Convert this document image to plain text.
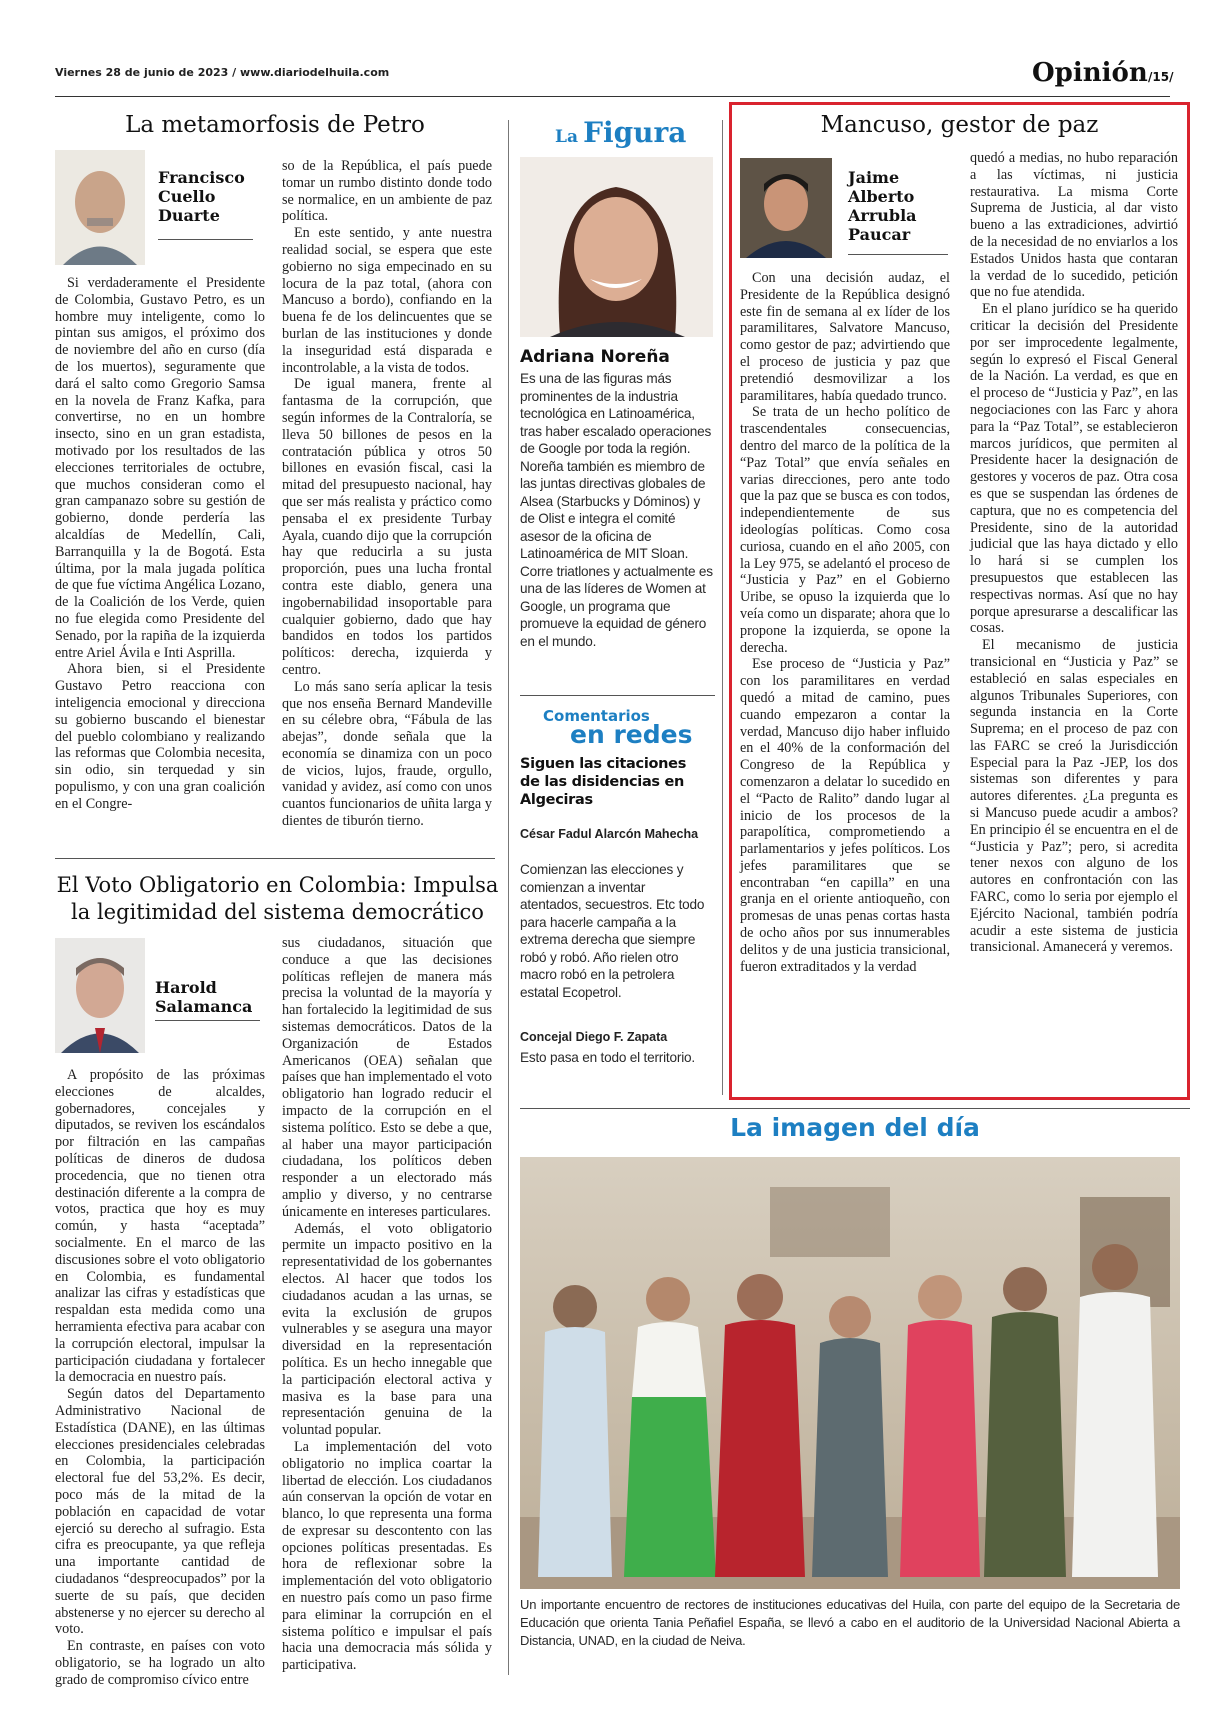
Viernes 28 de junio de 2023 / www.diariodelhuila.com	Opinión /15/
La metamorfosis de Petro
Francisco
Cuello
Duarte

Si verdaderamente el Presidente de Colombia, Gustavo Petro, es un hombre muy inteligente, como lo pintan sus amigos, el próximo dos de noviembre del año en curso (día de los muertos), seguramente que dará el salto como Gregorio Samsa en la novela de Franz Kafka, para convertirse, no en un hombre insecto, sino en un gran estadista, motivado por los resultados de las elecciones territoriales de octubre, que muchos consideran como el gran campanazo sobre su gestión de gobierno, donde perdería las alcaldías de Medellín, Cali, Barranquilla y la de Bogotá. Esta última, por la mala jugada política de que fue víctima Angélica Lozano, de la Coalición de los Verde, quien no fue elegida como Presidente del Senado, por la rapiña de la izquierda entre Ariel Ávila e Inti Asprilla.

Ahora bien, si el Presidente Gustavo Petro reacciona con inteligencia emocional y direcciona su gobierno buscando el bienestar del pueblo colombiano y realizando las reformas que Colombia necesita, sin odio, sin terquedad y sin populismo, y con una gran coalición en el Congre-

so de la República, el país puede tomar un rumbo distinto donde todo se normalice, en un ambiente de paz política.

En este sentido, y ante nuestra realidad social, se espera que este gobierno no siga empecinado en su locura de la paz total, (ahora con Mancuso a bordo), confiando en la buena fe de los delincuentes que se burlan de las instituciones y donde la inseguridad está disparada e incontrolable, a la vista de todos.

De igual manera, frente al fantasma de la corrupción, que según informes de la Contraloría, se lleva 50 billones de pesos en la contratación pública y otros 50 billones en evasión fiscal, casi la mitad del presupuesto nacional, hay que ser más realista y práctico como pensaba el ex presidente Turbay Ayala, cuando dijo que la corrupción hay que reducirla a su justa proporción, pues una lucha frontal contra este diablo, genera una ingobernabilidad insoportable para cualquier gobierno, dado que hay bandidos en todos los partidos políticos: derecha, izquierda y centro.

Lo más sano sería aplicar la tesis que nos enseña Bernard Mandeville en su célebre obra, “Fábula de las abejas”, donde señala que la economía se dinamiza con un poco de vicios, lujos, fraude, orgullo, vanidad y avidez, así como con unos cuantos funcionarios de uñita larga y dientes de tiburón tierno.

El Voto Obligatorio en Colombia: Impulsa
la legitimidad del sistema democrático
Harold
Salamanca

A propósito de las próximas elecciones de alcaldes, gobernadores, concejales y diputados, se reviven los escándalos por filtración en las campañas políticas de dineros de dudosa procedencia, que no tienen otra destinación diferente a la compra de votos, practica que hoy es muy común, y hasta “aceptada” socialmente. En el marco de las discusiones sobre el voto obligatorio en Colombia, es fundamental analizar las cifras y estadísticas que respaldan esta medida como una herramienta efectiva para acabar con la corrupción electoral, impulsar la participación ciudadana y fortalecer la democracia en nuestro país.

Según datos del Departamento Administrativo Nacional de Estadística (DANE), en las últimas elecciones presidenciales celebradas en Colombia, la participación electoral fue del 53,2%. Es decir, poco más de la mitad de la población en capacidad de votar ejerció su derecho al sufragio. Esta cifra es preocupante, ya que refleja una importante cantidad de ciudadanos “despreocupados” por la suerte de su país, que deciden abstenerse y no ejercer su derecho al voto.

En contraste, en países con voto obligatorio, se ha logrado un alto grado de compromiso cívico entre

sus ciudadanos, situación que conduce a que las decisiones políticas reflejen de manera más precisa la voluntad de la mayoría y han fortalecido la legitimidad de sus sistemas democráticos. Datos de la Organización de Estados Americanos (OEA) señalan que países que han implementado el voto obligatorio han logrado reducir el impacto de la corrupción en el sistema político. Esto se debe a que, al haber una mayor participación ciudadana, los políticos deben responder a un electorado más amplio y diverso, y no centrarse únicamente en intereses particulares.

Además, el voto obligatorio permite un impacto positivo en la representatividad de los gobernantes electos. Al hacer que todos los ciudadanos acudan a las urnas, se evita la exclusión de grupos vulnerables y se asegura una mayor diversidad en la representación política. Es un hecho innegable que la participación electoral activa y masiva es la base para una representación genuina de la voluntad popular.

La implementación del voto obligatorio no implica coartar la libertad de elección. Los ciudadanos aún conservan la opción de votar en blanco, lo que representa una forma de expresar su descontento con las opciones políticas presentadas. Es hora de reflexionar sobre la implementación del voto obligatorio en nuestro país como un paso firme para eliminar la corrupción en el sistema político e impulsar el país hacia una democracia más sólida y participativa.

La Figura
Adriana Noreña
Es una de las figuras más prominentes de la industria tecnológica en Latinoamérica, tras haber escalado operaciones de Google por toda la región. Noreña también es miembro de las juntas directivas globales de Alsea (Starbucks y Dóminos) y de Olist e integra el comité asesor de la oficina de Latinoamérica de MIT Sloan. Corre triatlones y actualmente es una de las líderes de Women at Google, un programa que promueve la equidad de género en el mundo.
Comentarios
en redes
Siguen las citaciones de las disidencias en Algeciras
César Fadul Alarcón Mahecha
Comienzan las elecciones y comienzan a inventar atentados, secuestros. Etc todo para hacerle campaña a la extrema derecha que siempre robó y robó. Año rielen otro macro robó en la petrolera estatal Ecopetrol.
Concejal Diego F. Zapata
Esto pasa en todo el territorio.
Mancuso, gestor de paz
Jaime
Alberto
Arrubla
Paucar

Con una decisión audaz, el Presidente de la República designó este fin de semana al ex líder de los paramilitares, Salvatore Mancuso, como gestor de paz; advirtiendo que el proceso de justicia y paz que pretendió desmovilizar a los paramilitares, había quedado trunco.

Se trata de un hecho político de trascendentales consecuencias, dentro del marco de la política de la “Paz Total” que envía señales en varias direcciones, pero ante todo que la paz que se busca es con todos, independientemente de sus ideologías políticas. Como cosa curiosa, cuando en el año 2005, con la Ley 975, se adelantó el proceso de “Justicia y Paz” en el Gobierno Uribe, se opuso la izquierda que lo veía como un disparate; ahora que lo propone la izquierda, se opone la derecha.

Ese proceso de “Justicia y Paz” con los paramilitares en verdad quedó a mitad de camino, pues cuando empezaron a contar la verdad, Mancuso dijo haber influido en el 40% de la conformación del Congreso de la República y comenzaron a delatar lo sucedido en el “Pacto de Ralito” dando lugar al inicio de los procesos de la parapolítica, comprometiendo a parlamentarios y jefes políticos. Los jefes paramilitares que se encontraban “en capilla” en una granja en el oriente antioqueño, con promesas de unas penas cortas hasta de ocho años por sus innumerables delitos y de una justicia transicional, fueron extraditados y la verdad

quedó a medias, no hubo reparación a las víctimas, ni justicia restaurativa. La misma Corte Suprema de Justicia, al dar visto bueno a las extradiciones, advirtió de la necesidad de no enviarlos a los Estados Unidos hasta que contaran la verdad de lo sucedido, petición que no fue atendida.

En el plano jurídico se ha querido criticar la decisión del Presidente por ser improcedente legalmente, según lo expresó el Fiscal General de la Nación. La verdad, es que en el proceso de “Justicia y Paz”, en las negociaciones con las Farc y ahora para la “Paz Total”, se establecieron marcos jurídicos, que permiten al Presidente hacer la designación de gestores y voceros de paz. Otra cosa es que se suspendan las órdenes de captura, que no es competencia del Presidente, sino de la autoridad judicial que las haya dictado y ello lo hará si se cumplen los presupuestos que establecen las respectivas normas. Así que no hay porque apresurarse a descalificar las cosas.

El mecanismo de justicia transicional en “Justicia y Paz” se estableció en salas especiales en algunos Tribunales Superiores, con segunda instancia en la Corte Suprema; en el proceso de paz con las FARC se creó la Jurisdicción Especial para la Paz -JEP, los dos sistemas son diferentes y para autores diferentes. ¿La pregunta es si Mancuso puede acudir a ambos? En principio él se encuentra en el de “Justicia y Paz”; pero, si acredita tener nexos con alguno de los autores en confrontación con las FARC, como lo seria por ejemplo el Ejército Nacional, también podría acudir a este sistema de justicia transicional. Amanecerá y veremos.

La imagen del día
Un importante encuentro de rectores de instituciones educativas del Huila, con parte del equipo de la Secretaria de Educación que orienta Tania Peñafiel España, se llevó a cabo en el auditorio de la Universidad Nacional Abierta a Distancia, UNAD, en la ciudad de Neiva.
